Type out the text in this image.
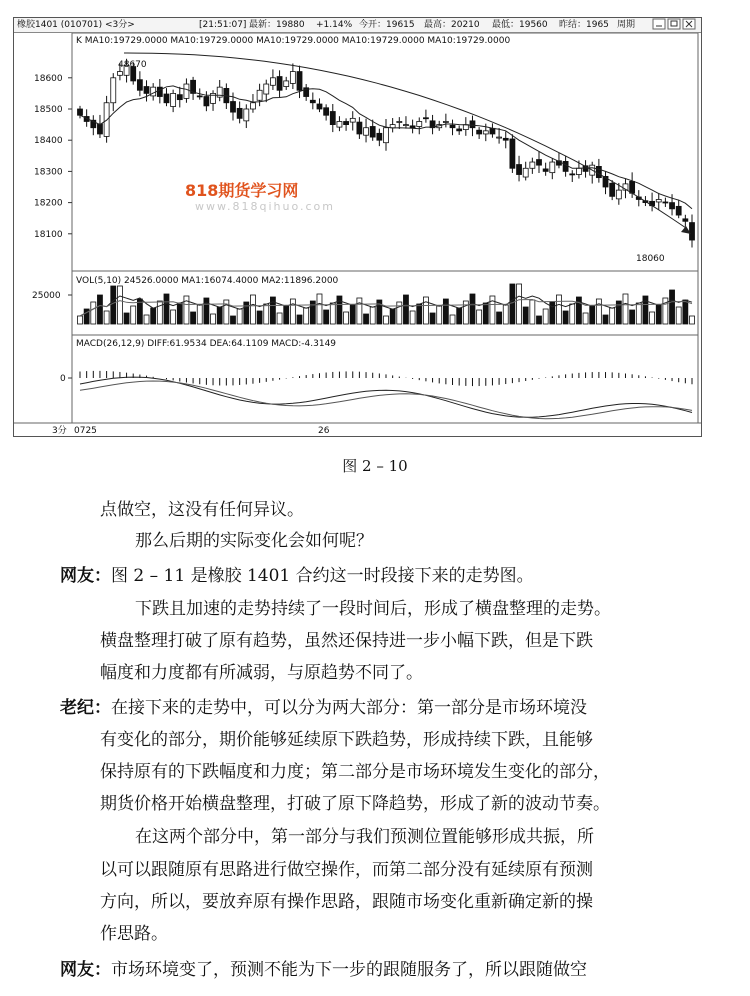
橡胶1401 (010701) <3分>	[21:51:07] 最新：19880 +1.14% 今开：19615 最高：20210 最低：19560 昨结：1965 周期
K MA10:19729.0000 MA10:19729.0000 MA10:19729.0000 MA10:19729.0000 MA10:19729.0000
VOL(5,10) 24526.0000 MA1:16074.4000 MA2:11896.2000
MACD(26,12,9) DIFF:61.9534 DEA:64.1109 MACD:-4.3149
18600
18500
18400
18300
18200
18100
48670
18060
25000
0
3分 0725	26
818期货学习网
www.818qihuo.com
图 2 – 10
点做空，这没有任何异议。
那么后期的实际变化会如何呢？
网友：图 2 – 11 是橡胶 1401 合约这一时段接下来的走势图。
下跌且加速的走势持续了一段时间后，形成了横盘整理的走势。
横盘整理打破了原有趋势，虽然还保持进一步小幅下跌，但是下跌
幅度和力度都有所减弱，与原趋势不同了。
老纪：在接下来的走势中，可以分为两大部分：第一部分是市场环境没
有变化的部分，期价能够延续原下跌趋势，形成持续下跌，且能够
保持原有的下跌幅度和力度；第二部分是市场环境发生变化的部分，
期货价格开始横盘整理，打破了原下降趋势，形成了新的波动节奏。
在这两个部分中，第一部分与我们预测位置能够形成共振，所
以可以跟随原有思路进行做空操作，而第二部分没有延续原有预测
方向，所以，要放弃原有操作思路，跟随市场变化重新确定新的操
作思路。
网友：市场环境变了，预测不能为下一步的跟随服务了，所以跟随做空
